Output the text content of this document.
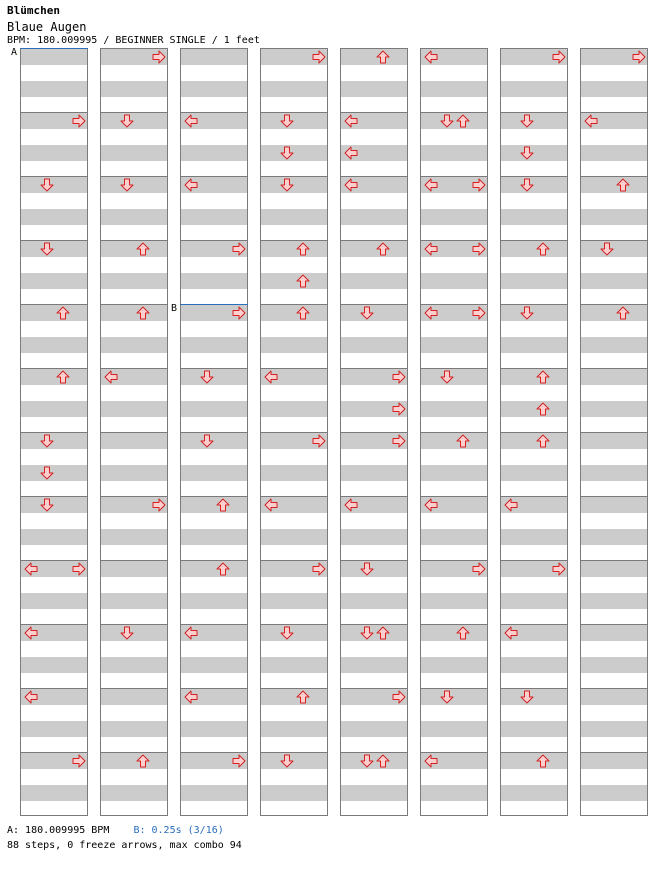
Blümchen
Blaue Augen
BPM: 180.009995 / BEGINNER SINGLE / 1 feet
A
B
A: 180.009995 BPM B: 0.25s (3/16)
88 steps, 0 freeze arrows, max combo 94
